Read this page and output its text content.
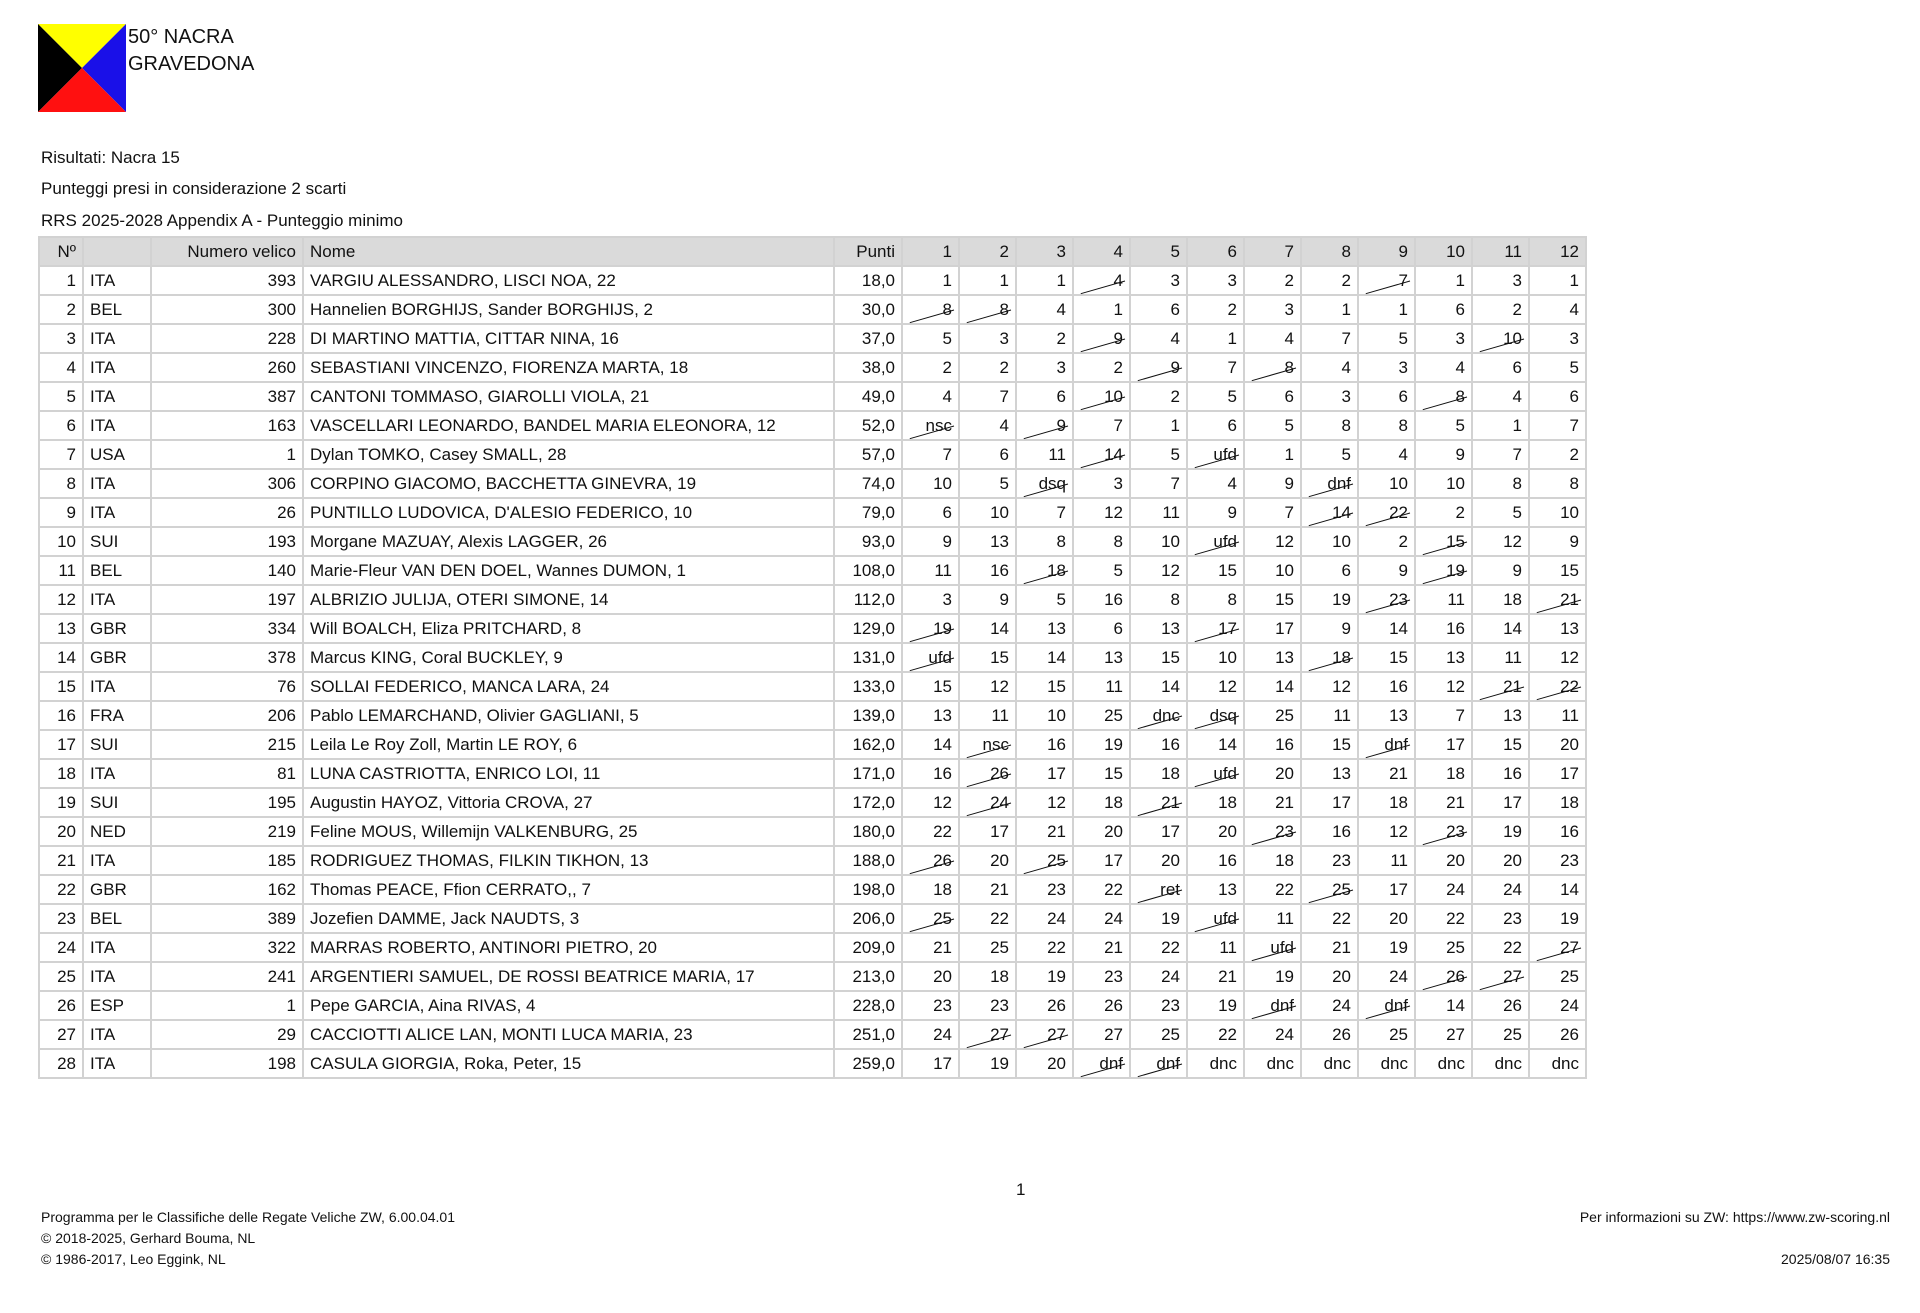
50° NACRA
GRAVEDONA
Risultati: Nacra 15
Punteggi presi in considerazione 2 scarti
RRS 2025-2028 Appendix A - Punteggio minimo
Nº		Numero velico	Nome	Punti	1	2	3	4	5	6	7	8	9	10	11	12
1	ITA	393	VARGIU ALESSANDRO, LISCI NOA, 22	18,0	1	1	1	4	3	3	2	2	7	1	3	1
2	BEL	300	Hannelien BORGHIJS, Sander BORGHIJS, 2	30,0	8	8	4	1	6	2	3	1	1	6	2	4
3	ITA	228	DI MARTINO MATTIA, CITTAR NINA, 16	37,0	5	3	2	9	4	1	4	7	5	3	10	3
4	ITA	260	SEBASTIANI VINCENZO, FIORENZA MARTA, 18	38,0	2	2	3	2	9	7	8	4	3	4	6	5
5	ITA	387	CANTONI TOMMASO, GIAROLLI VIOLA, 21	49,0	4	7	6	10	2	5	6	3	6	8	4	6
6	ITA	163	VASCELLARI LEONARDO, BANDEL MARIA ELEONORA, 12	52,0	nsc	4	9	7	1	6	5	8	8	5	1	7
7	USA	1	Dylan TOMKO, Casey SMALL, 28	57,0	7	6	11	14	5	ufd	1	5	4	9	7	2
8	ITA	306	CORPINO GIACOMO, BACCHETTA GINEVRA, 19	74,0	10	5	dsq	3	7	4	9	dnf	10	10	8	8
9	ITA	26	PUNTILLO LUDOVICA, D'ALESIO FEDERICO, 10	79,0	6	10	7	12	11	9	7	14	22	2	5	10
10	SUI	193	Morgane MAZUAY, Alexis LAGGER, 26	93,0	9	13	8	8	10	ufd	12	10	2	15	12	9
11	BEL	140	Marie-Fleur VAN DEN DOEL, Wannes DUMON, 1	108,0	11	16	18	5	12	15	10	6	9	19	9	15
12	ITA	197	ALBRIZIO JULIJA, OTERI SIMONE, 14	112,0	3	9	5	16	8	8	15	19	23	11	18	21
13	GBR	334	Will BOALCH, Eliza PRITCHARD, 8	129,0	19	14	13	6	13	17	17	9	14	16	14	13
14	GBR	378	Marcus KING, Coral BUCKLEY, 9	131,0	ufd	15	14	13	15	10	13	18	15	13	11	12
15	ITA	76	SOLLAI FEDERICO, MANCA LARA, 24	133,0	15	12	15	11	14	12	14	12	16	12	21	22
16	FRA	206	Pablo LEMARCHAND, Olivier GAGLIANI, 5	139,0	13	11	10	25	dnc	dsq	25	11	13	7	13	11
17	SUI	215	Leila Le Roy Zoll, Martin LE ROY, 6	162,0	14	nsc	16	19	16	14	16	15	dnf	17	15	20
18	ITA	81	LUNA CASTRIOTTA, ENRICO LOI, 11	171,0	16	26	17	15	18	ufd	20	13	21	18	16	17
19	SUI	195	Augustin HAYOZ, Vittoria CROVA, 27	172,0	12	24	12	18	21	18	21	17	18	21	17	18
20	NED	219	Feline MOUS, Willemijn VALKENBURG, 25	180,0	22	17	21	20	17	20	23	16	12	23	19	16
21	ITA	185	RODRIGUEZ THOMAS, FILKIN TIKHON, 13	188,0	26	20	25	17	20	16	18	23	11	20	20	23
22	GBR	162	Thomas PEACE, Ffion CERRATO,, 7	198,0	18	21	23	22	ret	13	22	25	17	24	24	14
23	BEL	389	Jozefien DAMME, Jack NAUDTS, 3	206,0	25	22	24	24	19	ufd	11	22	20	22	23	19
24	ITA	322	MARRAS ROBERTO, ANTINORI PIETRO, 20	209,0	21	25	22	21	22	11	ufd	21	19	25	22	27
25	ITA	241	ARGENTIERI SAMUEL, DE ROSSI BEATRICE MARIA, 17	213,0	20	18	19	23	24	21	19	20	24	26	27	25
26	ESP	1	Pepe GARCIA, Aina RIVAS, 4	228,0	23	23	26	26	23	19	dnf	24	dnf	14	26	24
27	ITA	29	CACCIOTTI ALICE LAN, MONTI LUCA MARIA, 23	251,0	24	27	27	27	25	22	24	26	25	27	25	26
28	ITA	198	CASULA GIORGIA, Roka, Peter, 15	259,0	17	19	20	dnf	dnf	dnc	dnc	dnc	dnc	dnc	dnc	dnc
1
Programma per le Classifiche delle Regate Veliche ZW, 6.00.04.01
© 2018-2025, Gerhard Bouma, NL
© 1986-2017, Leo Eggink, NL
Per informazioni su ZW: https://www.zw-scoring.nl
2025/08/07 16:35
